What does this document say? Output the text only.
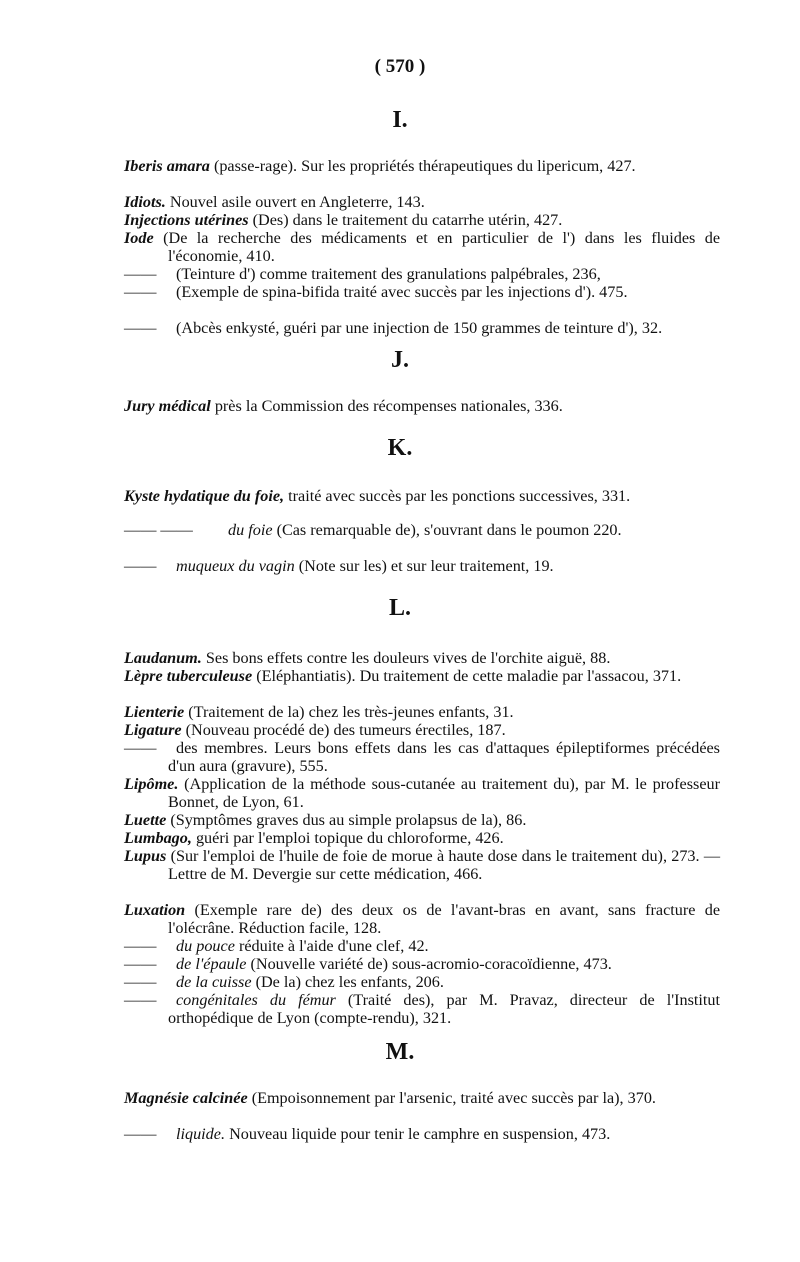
( 570 )
I.
Iberis amara (passe-rage). Sur les propriétés thérapeutiques du lipericum, 427.
Idiots. Nouvel asile ouvert en Angleterre, 143.
Injections utérines (Des) dans le traitement du catarrhe utérin, 427.
Iode (De la recherche des médicaments et en particulier de l') dans les fluides de l'économie, 410.
—— (Teinture d') comme traitement des granulations palpébrales, 236,
—— (Exemple de spina-bifida traité avec succès par les injections d'). 475.
—— (Abcès enkysté, guéri par une injection de 150 grammes de teinture d'), 32.
J.
Jury médical près la Commission des récompenses nationales, 336.
K.
Kyste hydatique du foie, traité avec succès par les ponctions successives, 331.
—— —— du foie (Cas remarquable de), s'ouvrant dans le poumon 220.
—— muqueux du vagin (Note sur les) et sur leur traitement, 19.
L.
Laudanum. Ses bons effets contre les douleurs vives de l'orchite aiguë, 88.
Lèpre tuberculeuse (Eléphantiatis). Du traitement de cette maladie par l'assacou, 371.
Lienterie (Traitement de la) chez les très-jeunes enfants, 31.
Ligature (Nouveau procédé de) des tumeurs érectiles, 187.
—— des membres. Leurs bons effets dans les cas d'attaques épileptiformes précédées d'un aura (gravure), 555.
Lipôme. (Application de la méthode sous-cutanée au traitement du), par M. le professeur Bonnet, de Lyon, 61.
Luette (Symptômes graves dus au simple prolapsus de la), 86.
Lumbago, guéri par l'emploi topique du chloroforme, 426.
Lupus (Sur l'emploi de l'huile de foie de morue à haute dose dans le traitement du), 273. — Lettre de M. Devergie sur cette médication, 466.
Luxation (Exemple rare de) des deux os de l'avant-bras en avant, sans fracture de l'olécrâne. Réduction facile, 128.
—— du pouce réduite à l'aide d'une clef, 42.
—— de l'épaule (Nouvelle variété de) sous-acromio-coracoïdienne, 473.
—— de la cuisse (De la) chez les enfants, 206.
—— congénitales du fémur (Traité des), par M. Pravaz, directeur de l'Institut orthopédique de Lyon (compte-rendu), 321.
M.
Magnésie calcinée (Empoisonnement par l'arsenic, traité avec succès par la), 370.
—— liquide. Nouveau liquide pour tenir le camphre en suspension, 473.
